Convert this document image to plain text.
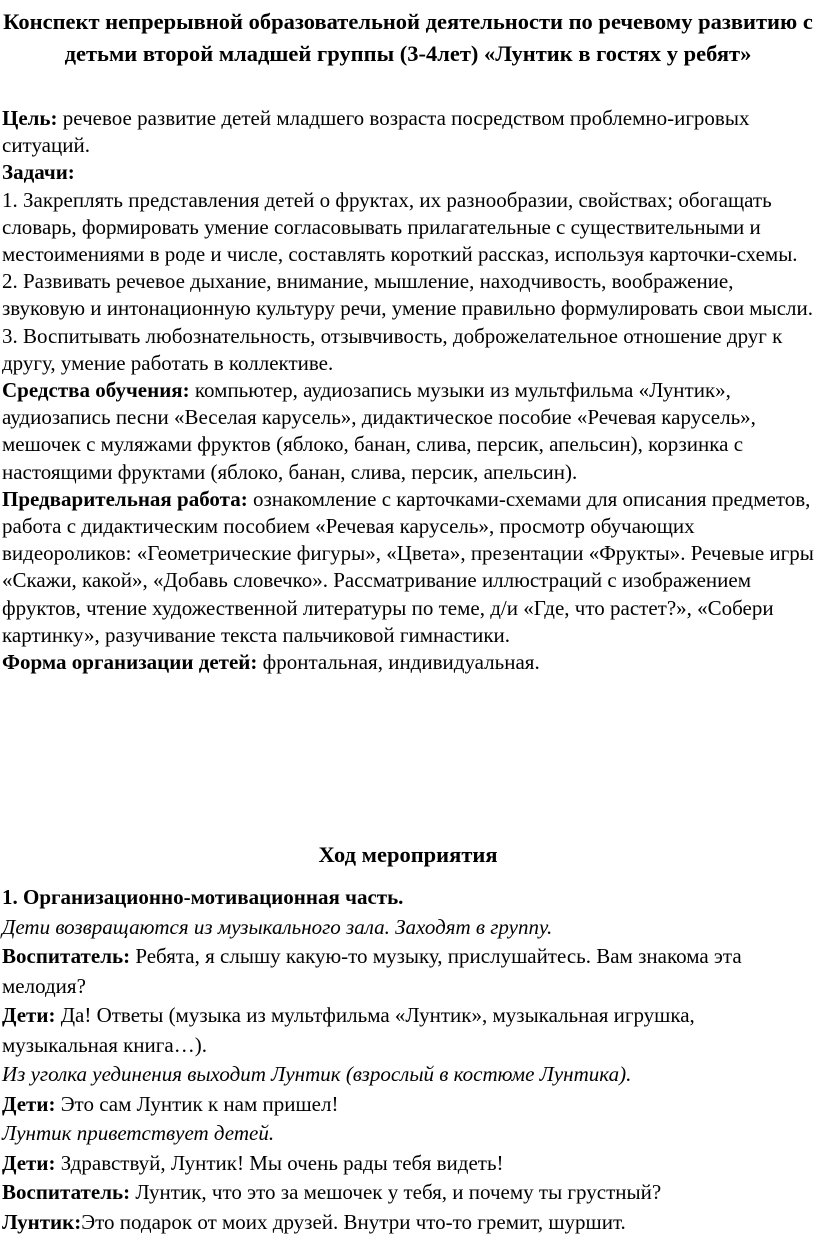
Конспект непрерывной образовательной деятельности по речевому развитию с детьми второй младшей группы (3-4лет) «Лунтик в гостях у ребят»

Цель: речевое развитие детей младшего возраста посредством проблемно-игровых ситуаций.

Задачи:

1. Закреплять представления детей о фруктах, их разнообразии, свойствах; обогащать словарь, формировать умение согласовывать прилагательные с существительными и местоимениями в роде и числе, составлять короткий рассказ, используя карточки-схемы.

2. Развивать речевое дыхание, внимание, мышление, находчивость, воображение, звуковую и интонационную культуру речи, умение правильно формулировать свои мысли.

3. Воспитывать любознательность, отзывчивость, доброжелательное отношение друг к другу, умение работать в коллективе.

Средства обучения: компьютер, аудиозапись музыки из мультфильма «Лунтик», аудиозапись песни «Веселая карусель», дидактическое пособие «Речевая карусель», мешочек с муляжами фруктов (яблоко, банан, слива, персик, апельсин), корзинка с настоящими фруктами (яблоко, банан, слива, персик, апельсин).

Предварительная работа: ознакомление с карточками-схемами для описания предметов, работа с дидактическим пособием «Речевая карусель», просмотр обучающих видеороликов: «Геометрические фигуры», «Цвета», презентации «Фрукты». Речевые игры «Скажи, какой», «Добавь словечко». Рассматривание иллюстраций с изображением фруктов, чтение художественной литературы по теме, д/и «Где, что растет?», «Собери картинку», разучивание текста пальчиковой гимнастики.

Форма организации детей: фронтальная, индивидуальная.

Ход мероприятия

1. Организационно-мотивационная часть.

Дети возвращаются из музыкального зала. Заходят в группу.

Воспитатель: Ребята, я слышу какую-то музыку, прислушайтесь. Вам знакома эта мелодия?

Дети: Да! Ответы (музыка из мультфильма «Лунтик», музыкальная игрушка, музыкальная книга…).

Из уголка уединения выходит Лунтик (взрослый в костюме Лунтика).

Дети: Это сам Лунтик к нам пришел!

Лунтик приветствует детей.

Дети: Здравствуй, Лунтик! Мы очень рады тебя видеть!

Воспитатель: Лунтик, что это за мешочек у тебя, и почему ты грустный?

Лунтик:Это подарок от моих друзей. Внутри что-то гремит, шуршит.
